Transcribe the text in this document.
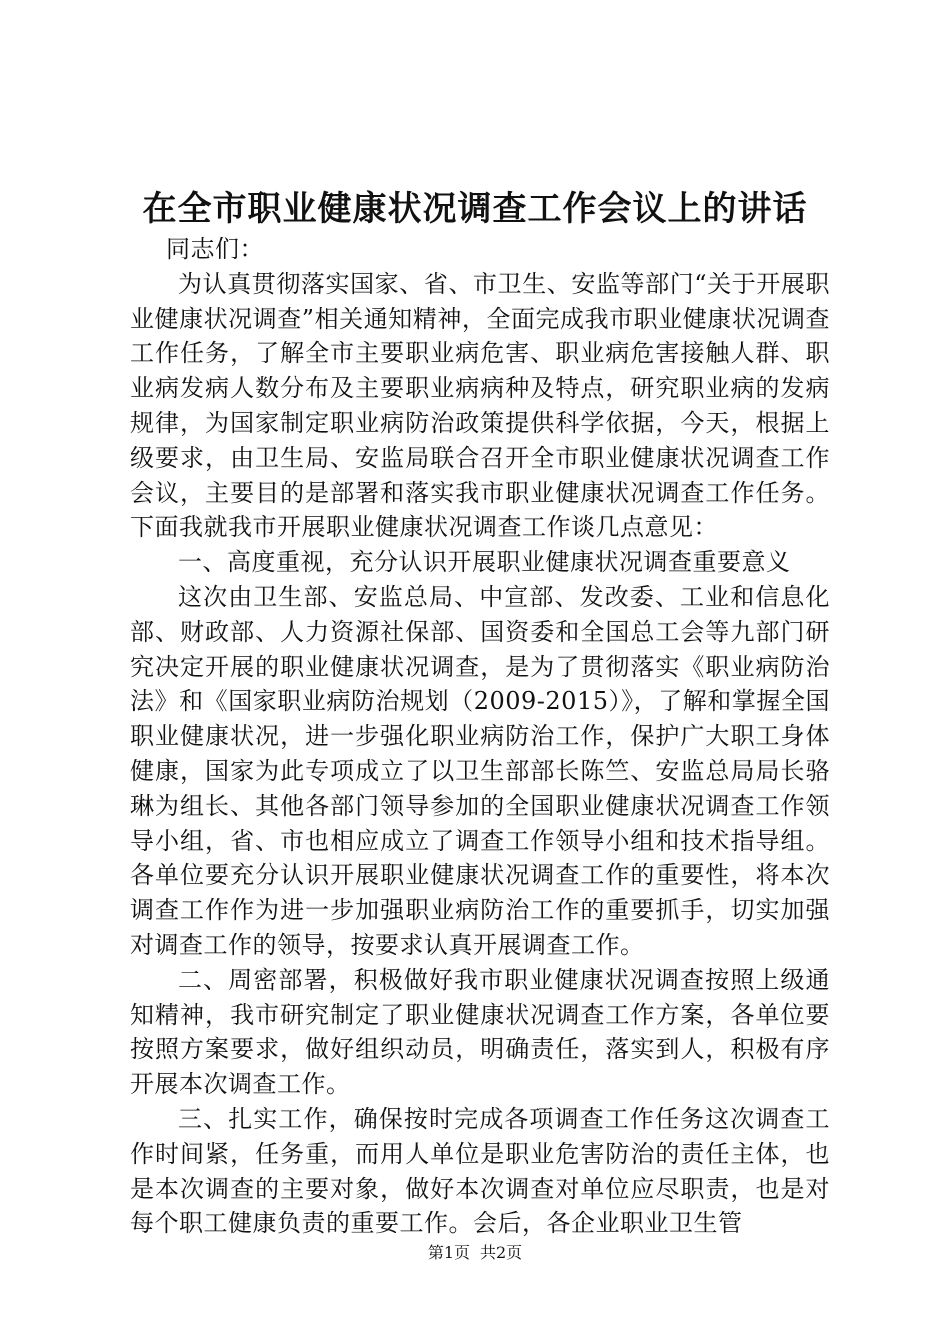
在全市职业健康状况调查工作会议上的讲话

同志们：

为认真贯彻落实国家、省、市卫生、安监等部门“关于开展职业健康状况调查”相关通知精神，全面完成我市职业健康状况调查工作任务，了解全市主要职业病危害、职业病危害接触人群、职业病发病人数分布及主要职业病病种及特点，研究职业病的发病规律，为国家制定职业病防治政策提供科学依据，今天，根据上级要求，由卫生局、安监局联合召开全市职业健康状况调查工作会议，主要目的是部署和落实我市职业健康状况调查工作任务。下面我就我市开展职业健康状况调查工作谈几点意见：

一、高度重视，充分认识开展职业健康状况调查重要意义

这次由卫生部、安监总局、中宣部、发改委、工业和信息化部、财政部、人力资源社保部、国资委和全国总工会等九部门研究决定开展的职业健康状况调查，是为了贯彻落实《职业病防治法》和《国家职业病防治规划（2009-2015）》，了解和掌握全国职业健康状况，进一步强化职业病防治工作，保护广大职工身体健康，国家为此专项成立了以卫生部部长陈竺、安监总局局长骆琳为组长、其他各部门领导参加的全国职业健康状况调查工作领导小组，省、市也相应成立了调查工作领导小组和技术指导组。各单位要充分认识开展职业健康状况调查工作的重要性，将本次调查工作作为进一步加强职业病防治工作的重要抓手，切实加强对调查工作的领导，按要求认真开展调查工作。

二、周密部署，积极做好我市职业健康状况调查按照上级通知精神，我市研究制定了职业健康状况调查工作方案，各单位要按照方案要求，做好组织动员，明确责任，落实到人，积极有序开展本次调查工作。

三、扎实工作，确保按时完成各项调查工作任务这次调查工作时间紧，任务重，而用人单位是职业危害防治的责任主体，也是本次调查的主要对象，做好本次调查对单位应尽职责，也是对每个职工健康负责的重要工作。会后，各企业职业卫生管

第1页 共2页
